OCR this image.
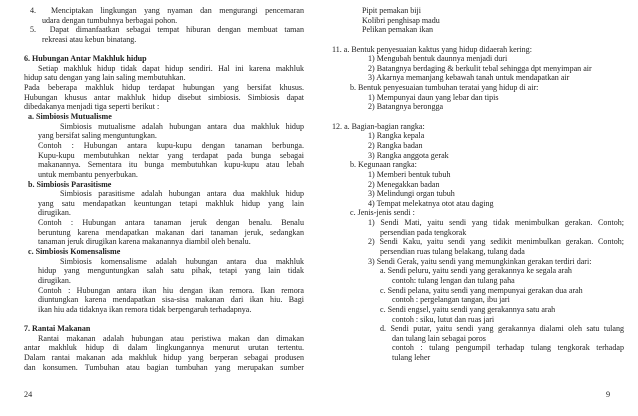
4. Menciptakan lingkungan yang nyaman dan mengurangi pencemaran
udara dengan tumbuhnya berbagai pohon.
5. Dapat dimanfaatkan sebagai tempat hiburan dengan membuat taman
rekreasi atau kebun binatang.
6. Hubungan Antar Makhluk hidup
Setiap makhluk hidup tidak dapat hidup sendiri. Hal ini karena makhluk
hidup satu dengan yang lain saling membutuhkan.
Pada beberapa makhluk hidup terdapat hubungan yang bersifat khusus.
Hubungan khusus antar makhluk hidup disebut simbiosis. Simbiosis dapat
dibedakanya menjadi tiga seperti berikut :
a. Simbiosis Mutualisme
Simbiosis mutualisme adalah hubungan antara dua makhluk hidup
yang bersifat saling menguntungkan.
Contoh : Hubungan antara kupu-kupu dengan tanaman berbunga.
Kupu-kupu membutuhkan nektar yang terdapat pada bunga sebagai
makanannya. Sementara itu bunga membutuhkan kupu-kupu atau lebah
untuk membantu penyerbukan.
b. Simbiosis Parasitisme
Simbiosis parasitisme adalah hubungan antara dua makhluk hidup
yang satu mendapatkan keuntungan tetapi makhluk hidup yang lain
dirugikan.
Contoh : Hubungan antara tanaman jeruk dengan benalu. Benalu
beruntung karena mendapatkan makanan dari tanaman jeruk, sedangkan
tanaman jeruk dirugikan karena makanannya diambil oleh benalu.
c. Simbiosis Komensalisme
Simbiosis komensalisme adalah hubungan antara dua makhluk
hidup yang menguntungkan salah satu pihak, tetapi yang lain tidak
dirugikan.
Contoh : Hubungan antara ikan hiu dengan ikan remora. Ikan remora
diuntungkan karena mendapatkan sisa-sisa makanan dari ikan hiu. Bagi
ikan hiu ada tidaknya ikan remora tidak berpengaruh terhadapnya.
7. Rantai Makanan
Rantai makanan adalah hubungan atau peristiwa makan dan dimakan
antar makhluk hidup di dalam lingkungannya menurut urutan tertentu.
Dalam rantai makanan ada makhluk hidup yang berperan sebagai produsen
dan konsumen. Tumbuhan atau bagian tumbuhan yang merupakan sumber
24
Pipit pemakan biji
Kolibri penghisap madu
Pelikan pemakan ikan
11. a. Bentuk penyesuaian kaktus yang hidup didaerah kering:
1) Mengubah bentuk daunnya menjadi duri
2) Batangnya berdaging & berkulit tebal sehingga dpt menyimpan air
3) Akarnya memanjang kebawah tanah untuk mendapatkan air
b. Bentuk penyesuaian tumbuhan teratai yang hidup di air:
1) Mempunyai daun yang lebar dan tipis
2) Batangnya berongga
12. a. Bagian-bagian rangka:
1) Rangka kepala
2) Rangka badan
3) Rangka anggota gerak
b. Kegunaan rangka:
1) Memberi bentuk tubuh
2) Menegakkan badan
3) Melindungi organ tubuh
4) Tempat melekatnya otot atau daging
c. Jenis-jenis sendi :
1) Sendi Mati, yaitu sendi yang tidak menimbulkan gerakan. Contoh;
persendian pada tengkorak
2) Sendi Kaku, yaitu sendi yang sedikit menimbulkan gerakan. Contoh;
persendian ruas tulang belakang, tulang dada
3) Sendi Gerak, yaitu sendi yang memungkinkan gerakan terdiri dari:
a. Sendi peluru, yaitu sendi yang gerakannya ke segala arah
contoh: tulang lengan dan tulang paha
c. Sendi pelana, yaitu sendi yang mempunyai gerakan dua arah
contoh : pergelangan tangan, ibu jari
c. Sendi engsel, yaitu sendi yang gerakannya satu arah
contoh : siku, lutut dan ruas jari
d. Sendi putar, yaitu sendi yang gerakannya dialami oleh satu tulang
dan tulang lain sebagai poros
contoh : tulang pengumpil terhadap tulang tengkorak terhadap
tulang leher
9
